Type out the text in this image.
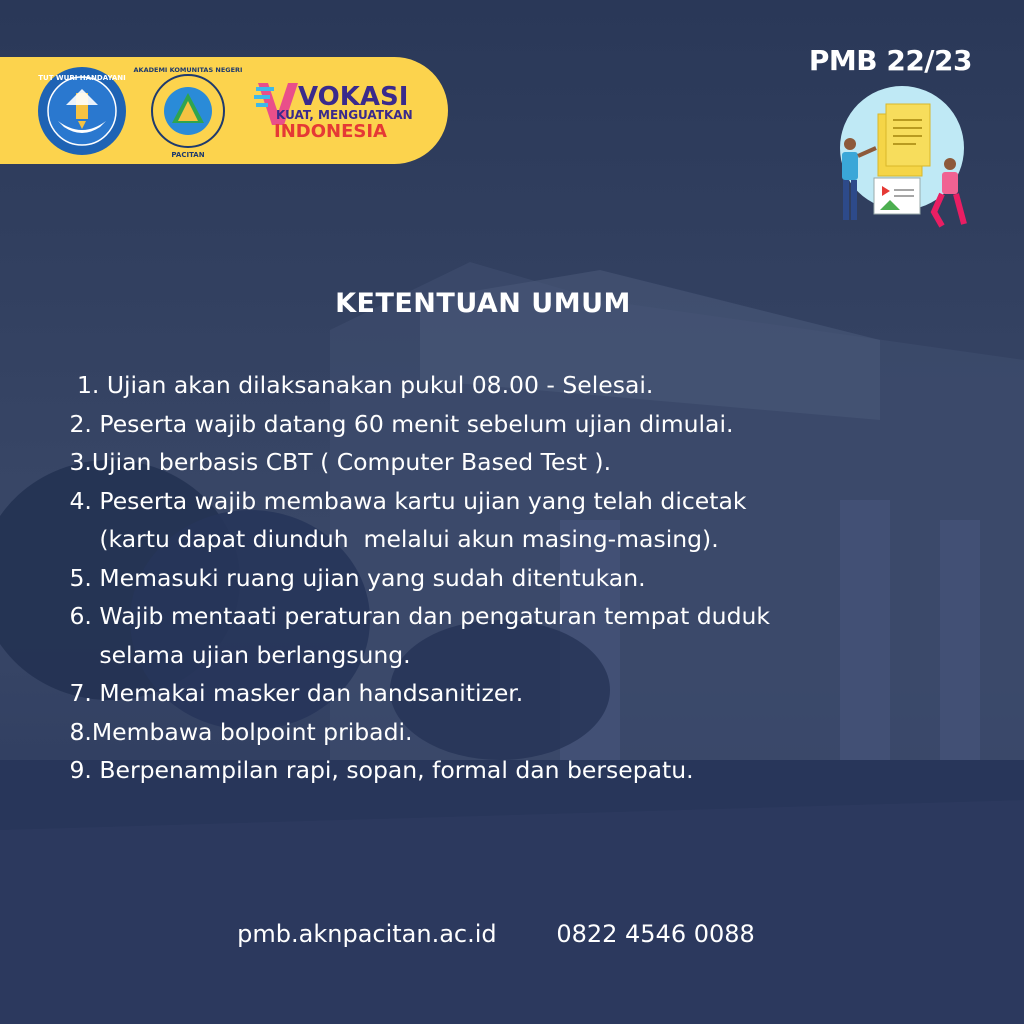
TUT WURI HANDAYANI
AKADEMI KOMUNITAS NEGERI
PACITAN
VOKASI
KUAT, MENGUATKAN
INDONESIA
PMB 22/23
KETENTUAN UMUM
1. Ujian akan dilaksanakan pukul 08.00 - Selesai.
2. Peserta wajib datang 60 menit sebelum ujian dimulai.
3.Ujian berbasis CBT ( Computer Based Test ).
4. Peserta wajib membawa kartu ujian yang telah dicetak
(kartu dapat diunduh  melalui akun masing-masing).
5. Memasuki ruang ujian yang sudah ditentukan.
6. Wajib mentaati peraturan dan pengaturan tempat duduk
selama ujian berlangsung.
7. Memakai masker dan handsanitizer.
8.Membawa bolpoint pribadi.
9. Berpenampilan rapi, sopan, formal dan bersepatu.
pmb.aknpacitan.ac.id 0822 4546 0088
